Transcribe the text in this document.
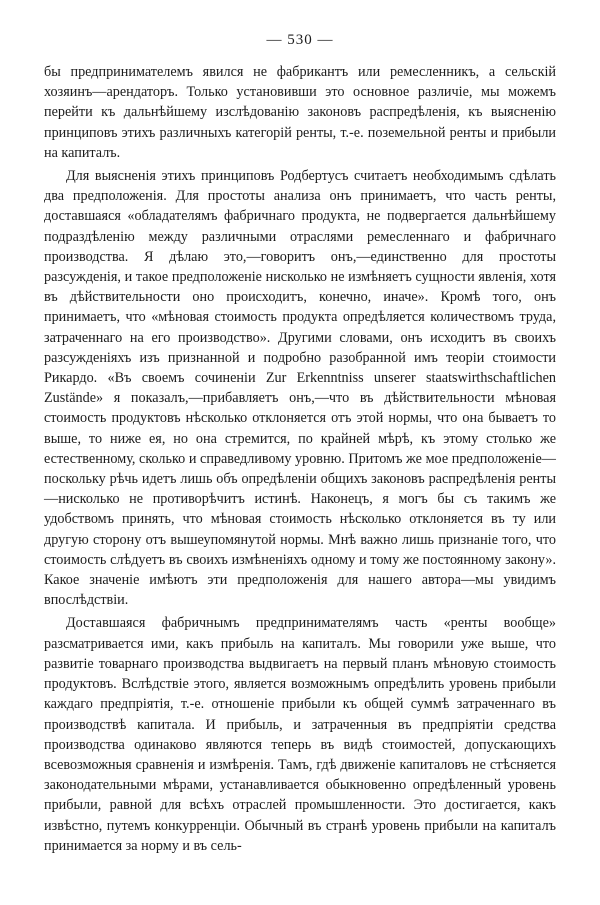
— 530 —

бы предпринимателемъ явился не фабрикантъ или ремесленникъ, а сельскій хозяинъ—арендаторъ. Только установивши это основное различіе, мы можемъ перейти къ дальнѣйшему изслѣдованію законовъ распредѣленія, къ выясненію принциповъ этихъ различныхъ категорій ренты, т.-е. поземельной ренты и прибыли на капиталъ.

Для выясненія этихъ принциповъ Родбертусъ считаетъ необходимымъ сдѣлать два предположенія. Для простоты анализа онъ принимаетъ, что часть ренты, доставшаяся «обладателямъ фабричнаго продукта, не подвергается дальнѣйшему подраздѣленію между различными отраслями ремесленнаго и фабричнаго производства. Я дѣлаю это,—говоритъ онъ,—единственно для простоты разсужденія, и такое предположеніе нисколько не измѣняетъ сущности явленія, хотя въ дѣйствительности оно происходитъ, конечно, иначе». Кромѣ того, онъ принимаетъ, что «мѣновая стоимость продукта опредѣляется количествомъ труда, затраченнаго на его производство». Другими словами, онъ исходитъ въ своихъ разсужденіяхъ изъ признанной и подробно разобранной имъ теоріи стоимости Рикардо. «Въ своемъ сочиненіи Zur Erkenntniss unserer staatswirthschaftlichen Zustände» я показалъ,—прибавляетъ онъ,—что въ дѣйствительности мѣновая стоимость продуктовъ нѣсколько отклоняется отъ этой нормы, что она бываетъ то выше, то ниже ея, но она стремится, по крайней мѣрѣ, къ этому столько же естественному, сколько и справедливому уровню. Притомъ же мое предположеніе—поскольку рѣчь идетъ лишь объ опредѣленіи общихъ законовъ распредѣленія ренты—нисколько не противорѣчитъ истинѣ. Наконецъ, я могъ бы съ такимъ же удобствомъ принять, что мѣновая стоимость нѣсколько отклоняется въ ту или другую сторону отъ вышеупомянутой нормы. Мнѣ важно лишь признаніе того, что стоимость слѣдуетъ въ своихъ измѣненіяхъ одному и тому же постоянному закону». Какое значеніе имѣютъ эти предположенія для нашего автора—мы увидимъ впослѣдствіи.

Доставшаяся фабричнымъ предпринимателямъ часть «ренты вообще» разсматривается ими, какъ прибыль на капиталъ. Мы говорили уже выше, что развитіе товарнаго производства выдвигаетъ на первый планъ мѣновую стоимость продуктовъ. Вслѣдствіе этого, является возможнымъ опредѣлить уровень прибыли каждаго предпріятія, т.-е. отношеніе прибыли къ общей суммѣ затраченнаго въ производствѣ капитала. И прибыль, и затраченныя въ предпріятіи средства производства одинаково являются теперь въ видѣ стоимостей, допускающихъ всевозможныя сравненія и измѣренія. Тамъ, гдѣ движеніе капиталовъ не стѣсняется законодательными мѣрами, устанавливается обыкновенно опредѣленный уровень прибыли, равной для всѣхъ отраслей промышленности. Это достигается, какъ извѣстно, путемъ конкурренціи. Обычный въ странѣ уровень прибыли на капиталъ принимается за норму и въ сель-
